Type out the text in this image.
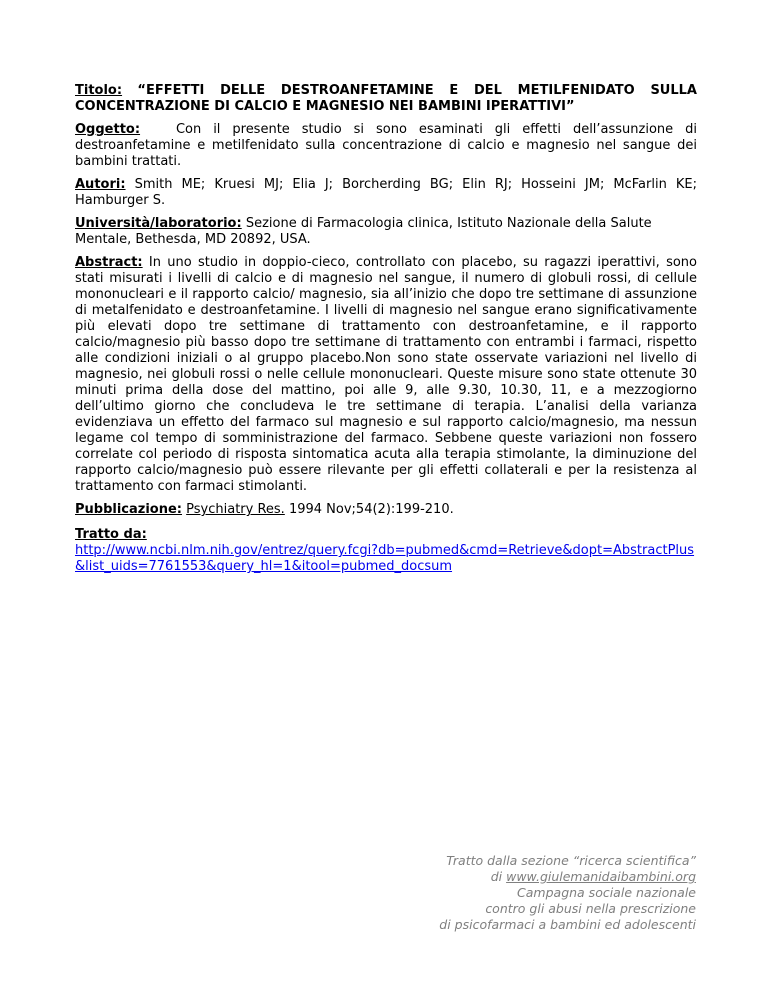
Titolo: “EFFETTI DELLE DESTROANFETAMINE E DEL METILFENIDATO SULLA CONCENTRAZIONE DI CALCIO E MAGNESIO NEI BAMBINI IPERATTIVI”

Oggetto:	Con il presente studio si sono esaminati gli effetti dell’assunzione di destroanfetamine e metilfenidato sulla concentrazione di calcio e magnesio nel sangue dei bambini trattati.

Autori: Smith ME; Kruesi MJ; Elia J; Borcherding BG; Elin RJ; Hosseini JM; McFarlin KE; Hamburger S.

Università/laboratorio: Sezione di Farmacologia clinica, Istituto Nazionale della Salute Mentale, Bethesda, MD 20892, USA.

Abstract: In uno studio in doppio-cieco, controllato con placebo, su ragazzi iperattivi, sono stati misurati i livelli di calcio e di magnesio nel sangue, il numero di globuli rossi, di cellule mononucleari e il rapporto calcio/ magnesio, sia all’inizio che dopo tre settimane di assunzione di metalfenidato e destroanfetamine. I livelli di magnesio nel sangue erano significativamente più elevati dopo tre settimane di trattamento con destroanfetamine, e il rapporto calcio/magnesio più basso dopo tre settimane di trattamento con entrambi i farmaci, rispetto alle condizioni iniziali o al gruppo placebo.Non sono state osservate variazioni nel livello di magnesio, nei globuli rossi o nelle cellule mononucleari. Queste misure sono state ottenute 30 minuti prima della dose del mattino, poi alle 9, alle 9.30, 10.30, 11, e a mezzogiorno dell’ultimo giorno che concludeva le tre settimane di terapia. L’analisi della varianza evidenziava un effetto del farmaco sul magnesio e sul rapporto calcio/magnesio, ma nessun legame col tempo di somministrazione del farmaco. Sebbene queste variazioni non fossero correlate col periodo di risposta sintomatica acuta alla terapia stimolante, la diminuzione del rapporto calcio/magnesio può essere rilevante per gli effetti collaterali e per la resistenza al trattamento con farmaci stimolanti.

Pubblicazione: Psychiatry Res. 1994 Nov;54(2):199-210.

Tratto da:
http://www.ncbi.nlm.nih.gov/entrez/query.fcgi?db=pubmed&cmd=Retrieve&dopt=AbstractPlus&list_uids=7761553&query_hl=1&itool=pubmed_docsum
Tratto dalla sezione “ricerca scientifica”
di www.giulemanidaibambini.org
Campagna sociale nazionale
contro gli abusi nella prescrizione
di psicofarmaci a bambini ed adolescenti
